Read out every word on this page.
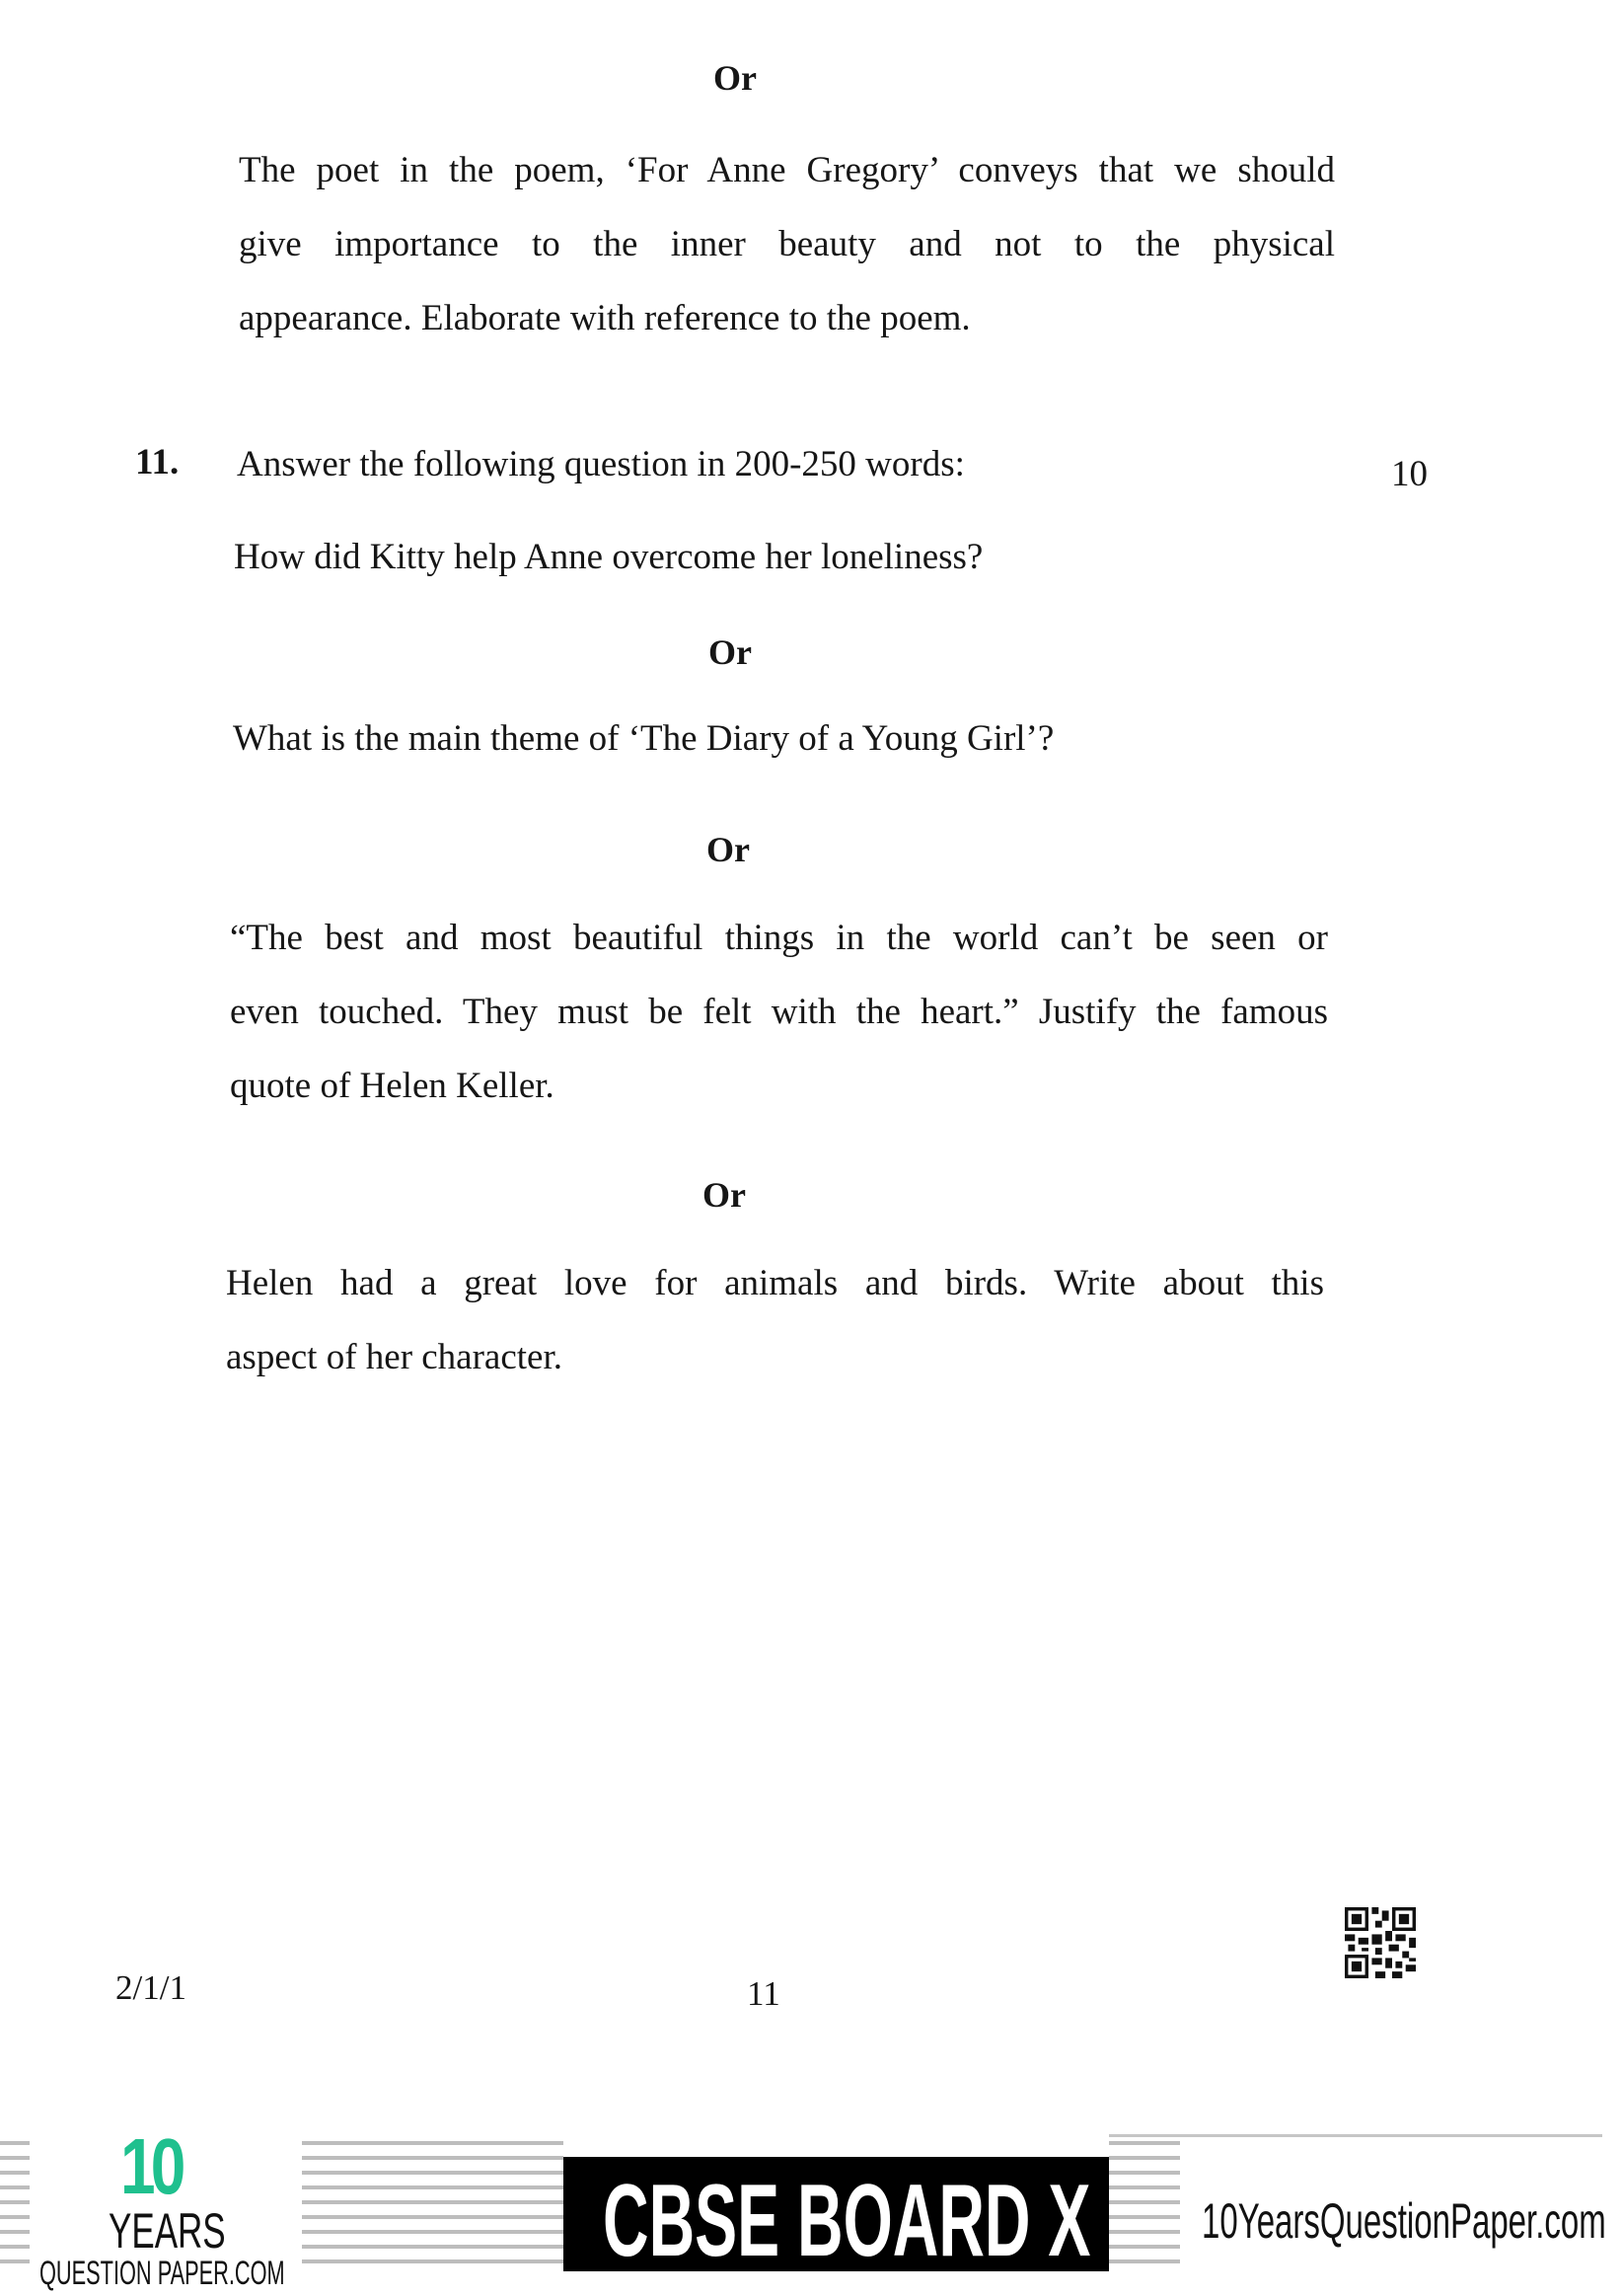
Or
The poet in the poem, ‘For Anne Gregory’ conveys that we should
give importance to the inner beauty and not to the physical
appearance. Elaborate with reference to the poem.
11. Answer the following question in 200-250 words:	10
How did Kitty help Anne overcome her loneliness?
Or
What is the main theme of ‘The Diary of a Young Girl’?
Or
“The best and most beautiful things in the world can’t be seen or
even touched. They must be felt with the heart.” Justify the famous
quote of Helen Keller.
Or
Helen had a great love for animals and birds. Write about this
aspect of her character.
2/1/1	11
10
YEARS
QUESTION PAPER.COM	CBSE BOARD X 10YearsQuestionPaper.com
